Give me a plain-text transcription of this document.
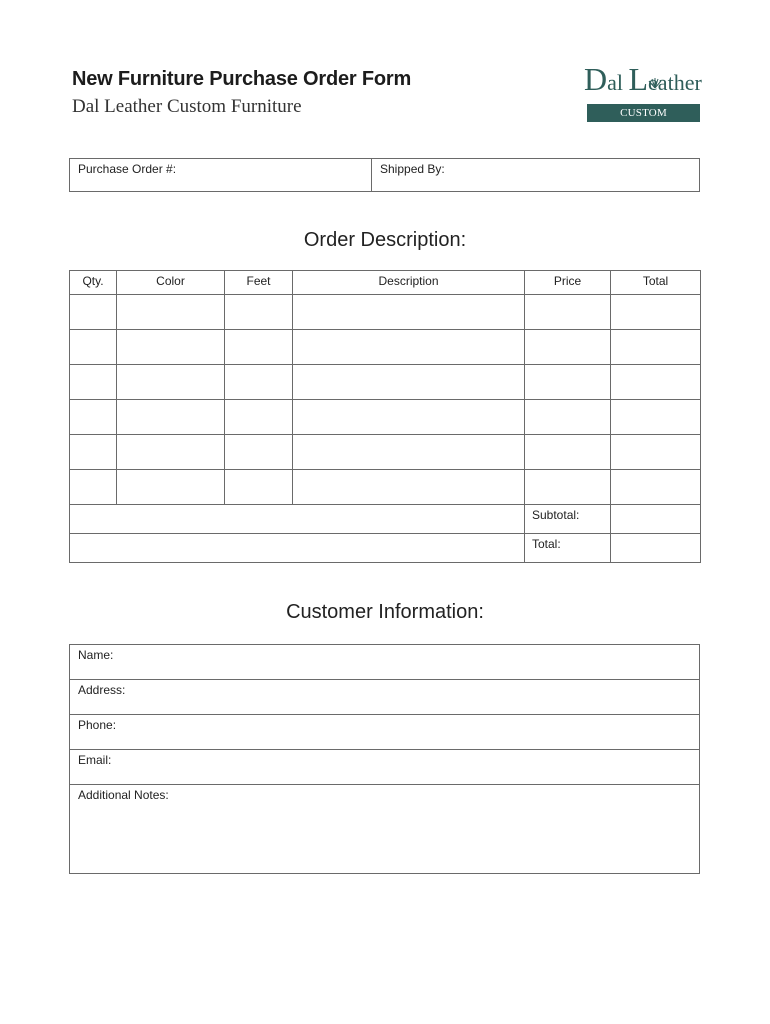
New Furniture Purchase Order Form
Dal Leather Custom Furniture
Dal Leather
CUSTOM FURNITURE
Purchase Order #:	Shipped By:
Order Description:
Qty.	Color	Feet	Description	Price	Total

				Subtotal:	
				Total:	
Customer Information:
Name:
Address:
Phone:
Email:
Additional Notes:
